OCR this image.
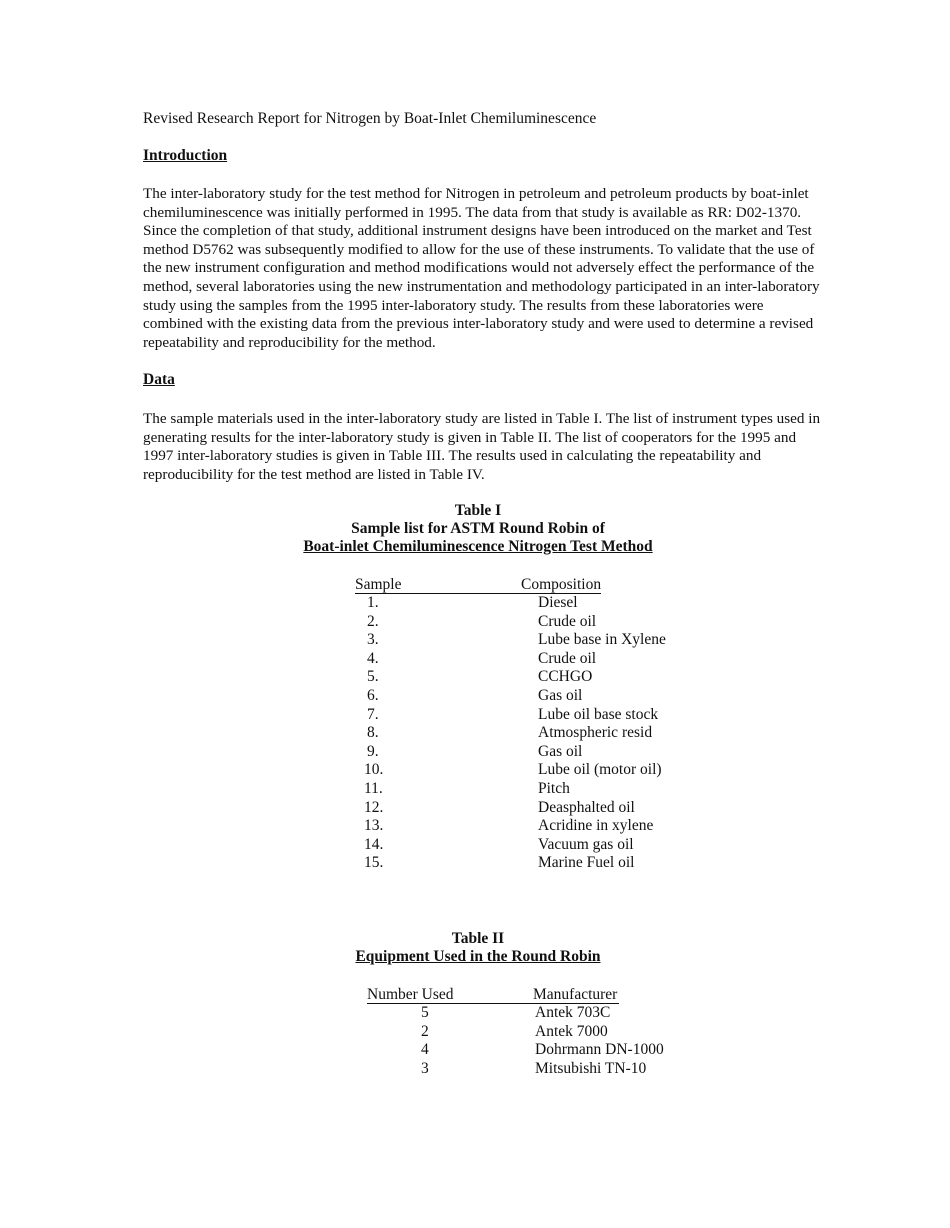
Revised Research Report for Nitrogen by Boat-Inlet Chemiluminescence
Introduction

The inter-laboratory study for the test method for Nitrogen in petroleum and petroleum products by boat-inlet chemiluminescence was initially performed in 1995. The data from that study is available as RR: D02-1370. Since the completion of that study, additional instrument designs have been introduced on the market and Test method D5762 was subsequently modified to allow for the use of these instruments. To validate that the use of the new instrument configuration and method modifications would not adversely effect the performance of the method, several laboratories using the new instrumentation and methodology participated in an inter-laboratory study using the samples from the 1995 inter-laboratory study. The results from these laboratories were combined with the existing data from the previous inter-laboratory study and were used to determine a revised repeatability and reproducibility for the method.

Data

The sample materials used in the inter-laboratory study are listed in Table I. The list of instrument types used in generating results for the inter-laboratory study is given in Table II. The list of cooperators for the 1995 and 1997 inter-laboratory studies is given in Table III. The results used in calculating the repeatability and reproducibility for the test method are listed in Table IV.

Table I
Sample list for ASTM Round Robin of
Boat-inlet Chemiluminescence Nitrogen Test Method
Sample	Composition
1.	Diesel
2.	Crude oil
3.	Lube base in Xylene
4.	Crude oil
5.	CCHGO
6.	Gas oil
7.	Lube oil base stock
8.	Atmospheric resid
9.	Gas oil
10.	Lube oil (motor oil)
11.	Pitch
12.	Deasphalted oil
13.	Acridine in xylene
14.	Vacuum gas oil
15.	Marine Fuel oil
Table II
Equipment Used in the Round Robin
Number Used	Manufacturer
5	Antek 703C
2	Antek 7000
4	Dohrmann DN-1000
3	Mitsubishi TN-10
